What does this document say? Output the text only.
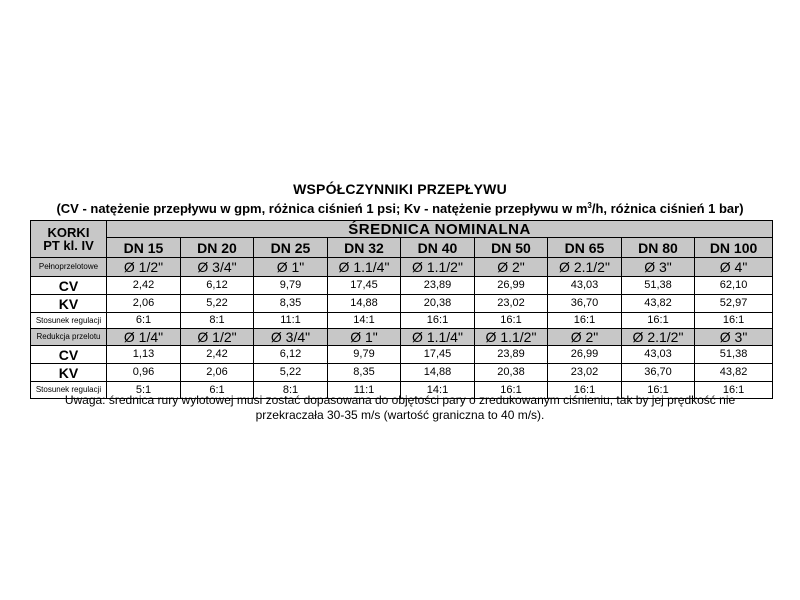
WSPÓŁCZYNNIKI PRZEPŁYWU
(CV - natężenie przepływu w gpm, różnica ciśnień 1 psi; Kv - natężenie przepływu w $m^3/h$, różnica ciśnień 1 bar)
KORKI
PT kl. IV	ŚREDNICA NOMINALNA								
	DN 15	DN 20	DN 25	DN 32	DN 40	DN 50	DN 65	DN 80	DN 100
Pełnoprzelotowe	Ø 1/2"	Ø 3/4"	Ø 1"	Ø 1.1/4"	Ø 1.1/2"	Ø 2"	Ø 2.1/2"	Ø 3"	Ø 4"
CV	2,42	6,12	9,79	17,45	23,89	26,99	43,03	51,38	62,10
KV	2,06	5,22	8,35	14,88	20,38	23,02	36,70	43,82	52,97
Stosunek regulacji	6:1	8:1	11:1	14:1	16:1	16:1	16:1	16:1	16:1
Redukcja przelotu	Ø 1/4"	Ø 1/2"	Ø 3/4"	Ø 1"	Ø 1.1/4"	Ø 1.1/2"	Ø 2"	Ø 2.1/2"	Ø 3"
CV	1,13	2,42	6,12	9,79	17,45	23,89	26,99	43,03	51,38
KV	0,96	2,06	5,22	8,35	14,88	20,38	23,02	36,70	43,82
Stosunek regulacji	5:1	6:1	8:1	11:1	14:1	16:1	16:1	16:1	16:1
Uwaga: średnica rury wylotowej musi zostać dopasowana do objętości pary o zredukowanym ciśnieniu, tak by jej prędkość nie
przekraczała 30-35 m/s (wartość graniczna to 40 m/s).
